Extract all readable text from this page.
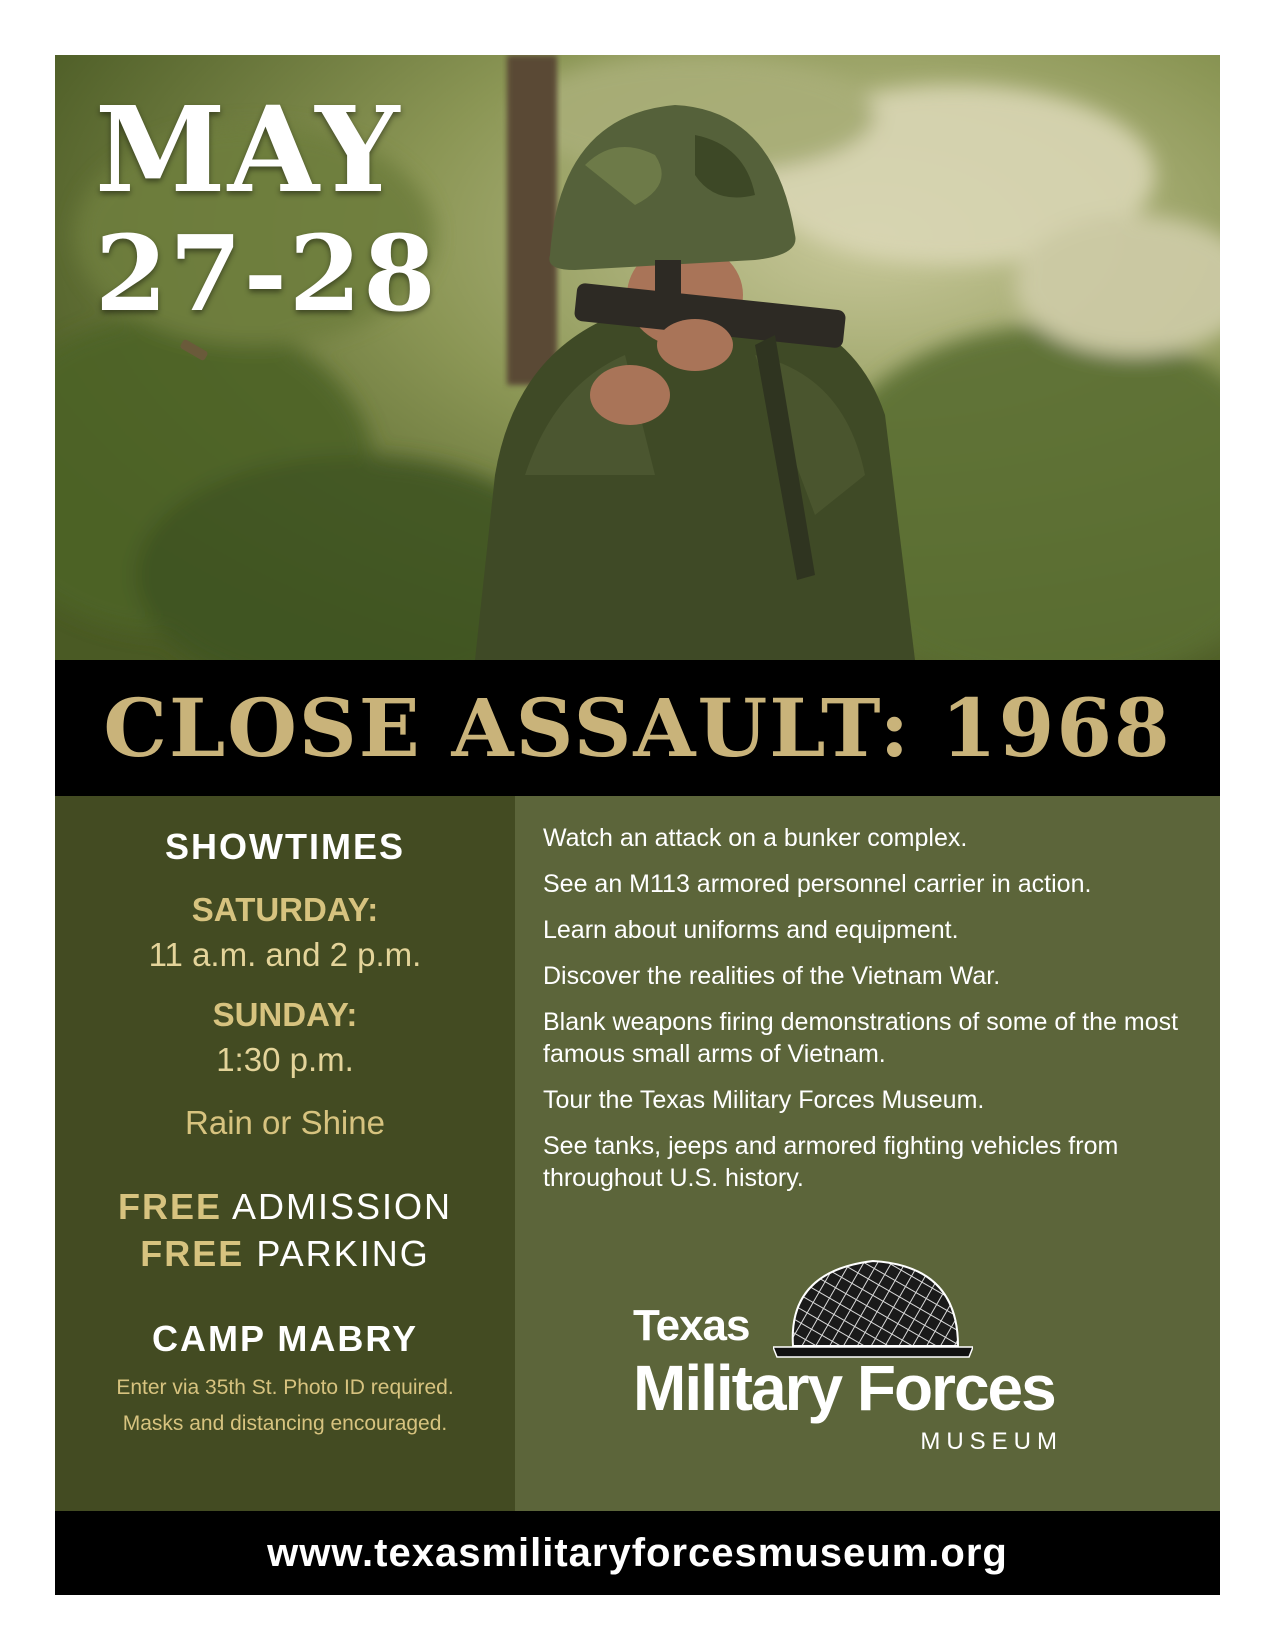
MAY
27-28
CLOSE ASSAULT: 1968
SHOWTIMES
SATURDAY:
11 a.m. and 2 p.m.
SUNDAY:
1:30 p.m.
Rain or Shine
FREE ADMISSION
FREE PARKING
CAMP MABRY
Enter via 35th St. Photo ID required.
Masks and distancing encouraged.
Watch an attack on a bunker complex.
See an M113 armored personnel carrier in action.
Learn about uniforms and equipment.
Discover the realities of the Vietnam War.
Blank weapons firing demonstrations of some of the most famous small arms of Vietnam.
Tour the Texas Military Forces Museum.
See tanks, jeeps and armored fighting vehicles from throughout U.S. history.
Texas
Military Forces
MUSEUM
www.texasmilitaryforcesmuseum.org
